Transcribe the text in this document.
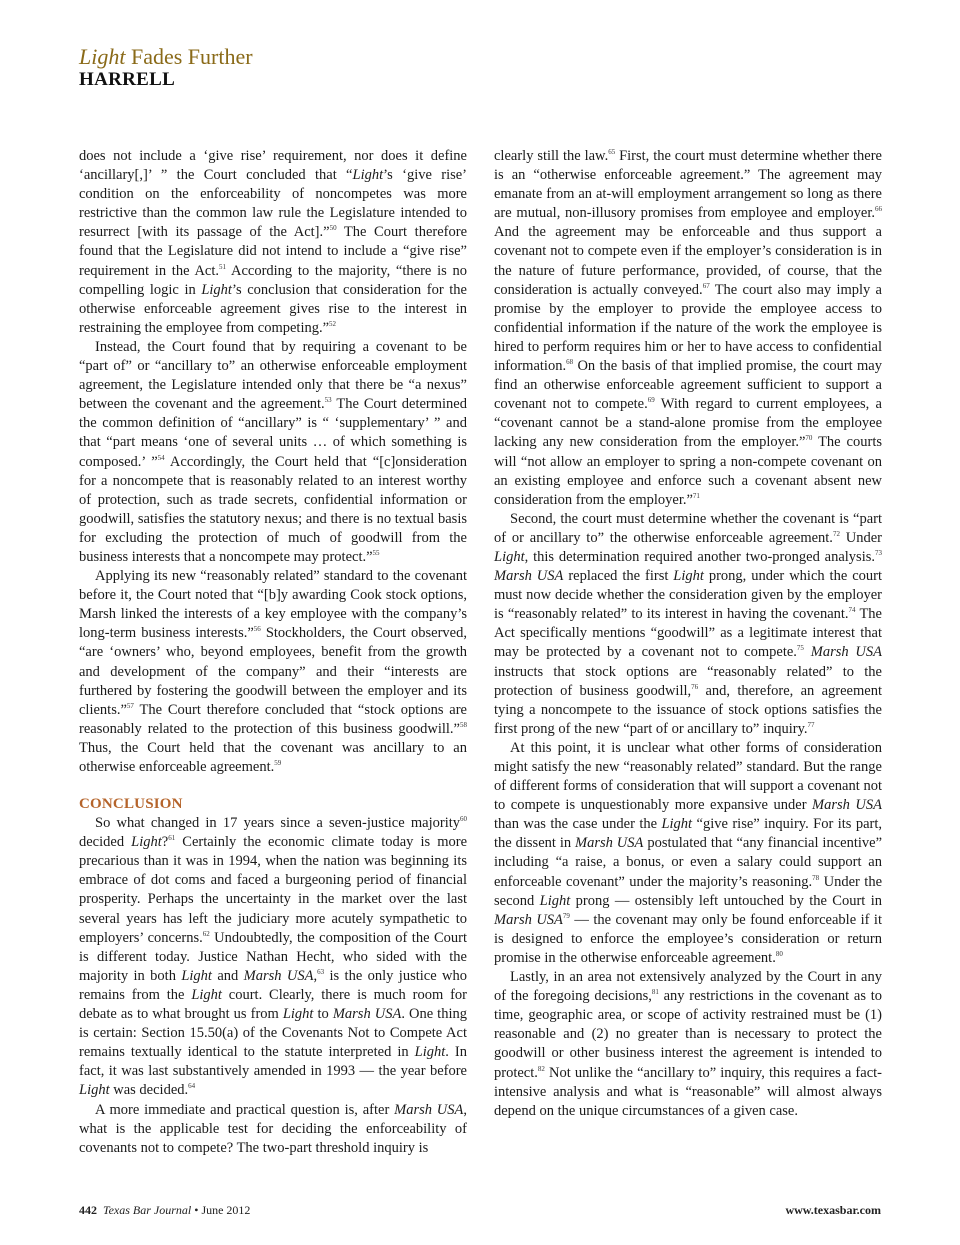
Light Fades Further
HARRELL

does not include a ‘give rise’ requirement, nor does it define ‘ancillary[,]’ ” the Court concluded that “Light’s ‘give rise’ condition on the enforceability of noncompetes was more restrictive than the common law rule the Legislature intended to resurrect [with its passage of the Act].”$^{50}$ The Court therefore found that the Legislature did not intend to include a “give rise” requirement in the Act.$^{51}$ According to the majority, “there is no compelling logic in Light’s conclusion that consideration for the otherwise enforceable agreement gives rise to the interest in restraining the employee from competing.”$^{52}$

Instead, the Court found that by requiring a covenant to be “part of” or “ancillary to” an otherwise enforceable employment agreement, the Legislature intended only that there be “a nexus” between the covenant and the agreement.$^{53}$ The Court determined the common definition of “ancillary” is “ ‘supplementary’ ” and that “part means ‘one of several units … of which something is composed.’ ”$^{54}$ Accordingly, the Court held that “[c]onsideration for a noncompete that is reasonably related to an interest worthy of protection, such as trade secrets, confidential information or goodwill, satisfies the statutory nexus; and there is no textual basis for excluding the protection of much of goodwill from the business interests that a noncompete may protect.”$^{55}$

Applying its new “reasonably related” standard to the covenant before it, the Court noted that “[b]y awarding Cook stock options, Marsh linked the interests of a key employee with the company’s long-term business interests.”$^{56}$ Stockholders, the Court observed, “are ‘owners’ who, beyond employees, benefit from the growth and development of the company” and their “interests are furthered by fostering the goodwill between the employer and its clients.”$^{57}$ The Court therefore concluded that “stock options are reasonably related to the protection of this business goodwill.”$^{58}$ Thus, the Court held that the covenant was ancillary to an otherwise enforceable agreement.$^{59}$

CONCLUSION

So what changed in 17 years since a seven-justice majority$^{60}$ decided Light?$^{61}$ Certainly the economic climate today is more precarious than it was in 1994, when the nation was beginning its embrace of dot coms and faced a burgeoning period of financial prosperity. Perhaps the uncertainty in the market over the last several years has left the judiciary more acutely sympathetic to employers’ concerns.$^{62}$ Undoubtedly, the composition of the Court is different today. Justice Nathan Hecht, who sided with the majority in both Light and Marsh USA,$^{63}$ is the only justice who remains from the Light court. Clearly, there is much room for debate as to what brought us from Light to Marsh USA. One thing is certain: Section 15.50(a) of the Covenants Not to Compete Act remains textually identical to the statute interpreted in Light. In fact, it was last substantively amended in 1993 — the year before Light was decided.$^{64}$

A more immediate and practical question is, after Marsh USA, what is the applicable test for deciding the enforceability of covenants not to compete? The two-part threshold inquiry is

clearly still the law.$^{65}$ First, the court must determine whether there is an “otherwise enforceable agreement.” The agreement may emanate from an at-will employment arrangement so long as there are mutual, non-illusory promises from employee and employer.$^{66}$ And the agreement may be enforceable and thus support a covenant not to compete even if the employer’s consideration is in the nature of future performance, provided, of course, that the consideration is actually conveyed.$^{67}$ The court also may imply a promise by the employer to provide the employee access to confidential information if the nature of the work the employee is hired to perform requires him or her to have access to confidential information.$^{68}$ On the basis of that implied promise, the court may find an otherwise enforceable agreement sufficient to support a covenant not to compete.$^{69}$ With regard to current employees, a “covenant cannot be a stand-alone promise from the employee lacking any new consideration from the employer.”$^{70}$ The courts will “not allow an employer to spring a non-compete covenant on an existing employee and enforce such a covenant absent new consideration from the employer.”$^{71}$

Second, the court must determine whether the covenant is “part of or ancillary to” the otherwise enforceable agreement.$^{72}$ Under Light, this determination required another two-pronged analysis.$^{73}$ Marsh USA replaced the first Light prong, under which the court must now decide whether the consideration given by the employer is “reasonably related” to its interest in having the covenant.$^{74}$ The Act specifically mentions “goodwill” as a legitimate interest that may be protected by a covenant not to compete.$^{75}$ Marsh USA instructs that stock options are “reasonably related” to the protection of business goodwill,$^{76}$ and, therefore, an agreement tying a noncompete to the issuance of stock options satisfies the first prong of the new “part of or ancillary to” inquiry.$^{77}$

At this point, it is unclear what other forms of consideration might satisfy the new “reasonably related” standard. But the range of different forms of consideration that will support a covenant not to compete is unquestionably more expansive under Marsh USA than was the case under the Light “give rise” inquiry. For its part, the dissent in Marsh USA postulated that “any financial incentive” including “a raise, a bonus, or even a salary could support an enforceable covenant” under the majority’s reasoning.$^{78}$ Under the second Light prong — ostensibly left untouched by the Court in Marsh USA$^{79}$ — the covenant may only be found enforceable if it is designed to enforce the employee’s consideration or return promise in the otherwise enforceable agreement.$^{80}$

Lastly, in an area not extensively analyzed by the Court in any of the foregoing decisions,$^{81}$ any restrictions in the covenant as to time, geographic area, or scope of activity restrained must be (1) reasonable and (2) no greater than is necessary to protect the goodwill or other business interest the agreement is intended to protect.$^{82}$ Not unlike the “ancillary to” inquiry, this requires a fact-intensive analysis and what is “reasonable” will almost always depend on the unique circumstances of a given case.

442 Texas Bar Journal • June 2012	www.texasbar.com
